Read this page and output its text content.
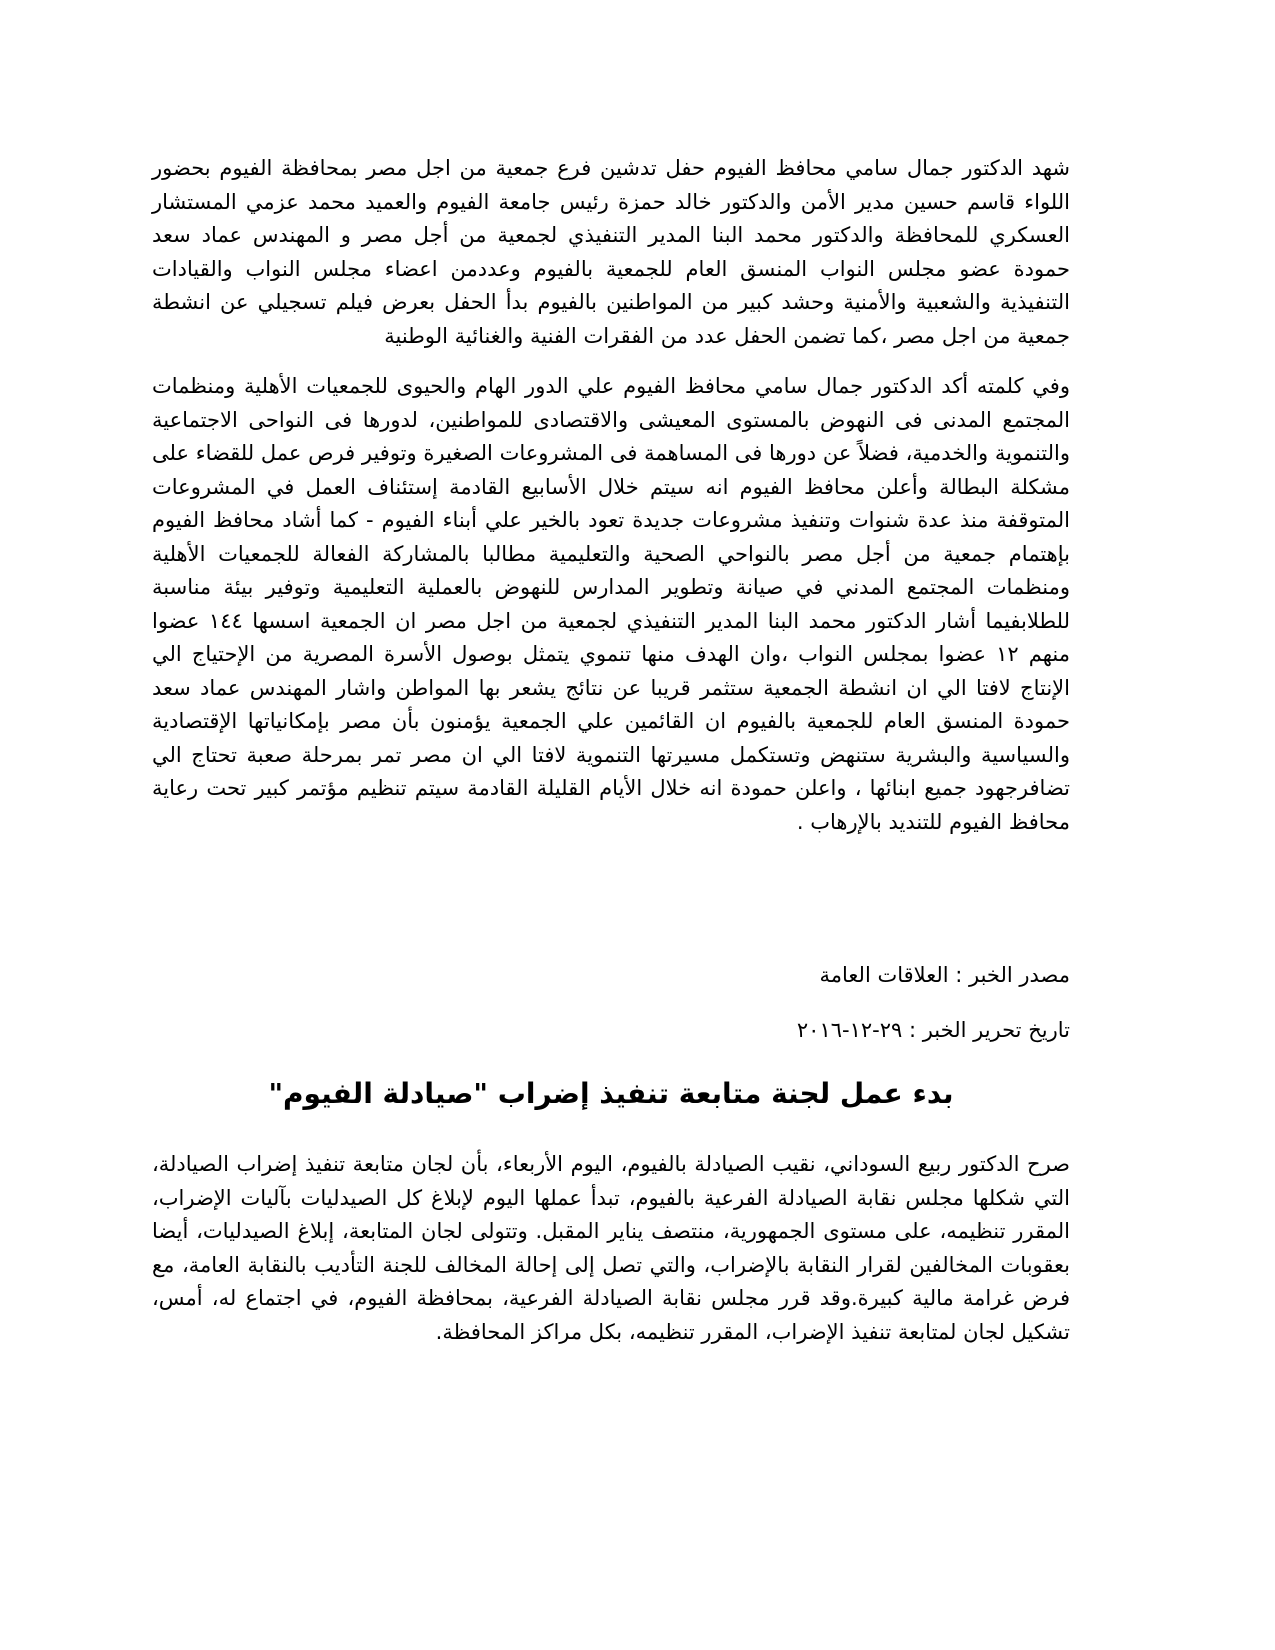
شهد الدكتور جمال سامي محافظ الفيوم حفل تدشين فرع جمعية من اجل مصر بمحافظة الفيوم بحضور اللواء قاسم حسين مدير الأمن والدكتور خالد حمزة رئيس جامعة الفيوم والعميد محمد عزمي المستشار العسكري للمحافظة والدكتور محمد البنا المدير التنفيذي لجمعية من أجل مصر و المهندس عماد سعد حمودة عضو مجلس النواب المنسق العام للجمعية بالفيوم وعددمن اعضاء مجلس النواب والقيادات التنفيذية والشعبية والأمنية وحشد كبير من المواطنين بالفيوم بدأ الحفل بعرض فيلم تسجيلي عن انشطة جمعية من اجل مصر ،كما تضمن الحفل عدد من الفقرات الفنية والغنائية الوطنية

وفي كلمته أكد الدكتور جمال سامي محافظ الفيوم علي الدور الهام والحيوى للجمعيات الأهلية ومنظمات المجتمع المدنى فى النهوض بالمستوى المعيشى والاقتصادى للمواطنين، لدورها فى النواحى الاجتماعية والتنموية والخدمية، فضلاً عن دورها فى المساهمة فى المشروعات الصغيرة وتوفير فرص عمل للقضاء على مشكلة البطالة وأعلن محافظ الفيوم انه سيتم خلال الأسابيع القادمة إستئناف العمل في المشروعات المتوقفة منذ عدة شنوات وتنفيذ مشروعات جديدة تعود بالخير علي أبناء الفيوم - كما أشاد محافظ الفيوم بإهتمام جمعية من أجل مصر بالنواحي الصحية والتعليمية مطالبا بالمشاركة الفعالة للجمعيات الأهلية ومنظمات المجتمع المدني في صيانة وتطوير المدارس للنهوض بالعملية التعليمية وتوفير بيئة مناسبة للطلابفيما أشار الدكتور محمد البنا المدير التنفيذي لجمعية من اجل مصر ان الجمعية اسسها ١٤٤ عضوا منهم ١٢ عضوا بمجلس النواب ،وان الهدف منها تنموي يتمثل بوصول الأسرة المصرية من الإحتياج الي الإنتاج لافتا الي ان انشطة الجمعية ستثمر قريبا عن نتائج يشعر بها المواطن واشار المهندس عماد سعد حمودة المنسق العام للجمعية بالفيوم ان القائمين علي الجمعية يؤمنون بأن مصر بإمكانياتها الإقتصادية والسياسية والبشرية ستنهض وتستكمل مسيرتها التنموية لافتا الي ان مصر تمر بمرحلة صعبة تحتاج الي تضافرجهود جميع ابنائها ، واعلن حمودة انه خلال الأيام القليلة القادمة سيتم تنظيم مؤتمر كبير تحت رعاية محافظ الفيوم للتنديد بالإرهاب .

مصدر الخبر : العلاقات العامة

تاريخ تحرير الخبر : ٢٩-١٢-٢٠١٦

بدء عمل لجنة متابعة تنفيذ إضراب "صيادلة الفيوم"

صرح الدكتور ربيع السوداني، نقيب الصيادلة بالفيوم، اليوم الأربعاء، بأن لجان متابعة تنفيذ إضراب الصيادلة، التي شكلها مجلس نقابة الصيادلة الفرعية بالفيوم، تبدأ عملها اليوم لإبلاغ كل الصيدليات بآليات الإضراب، المقرر تنظيمه، على مستوى الجمهورية، منتصف يناير المقبل. وتتولى لجان المتابعة، إبلاغ الصيدليات، أيضا بعقوبات المخالفين لقرار النقابة بالإضراب، والتي تصل إلى إحالة المخالف للجنة التأديب بالنقابة العامة، مع فرض غرامة مالية كبيرة.وقد قرر مجلس نقابة الصيادلة الفرعية، بمحافظة الفيوم، في اجتماع له، أمس، تشكيل لجان لمتابعة تنفيذ الإضراب، المقرر تنظيمه، بكل مراكز المحافظة.
